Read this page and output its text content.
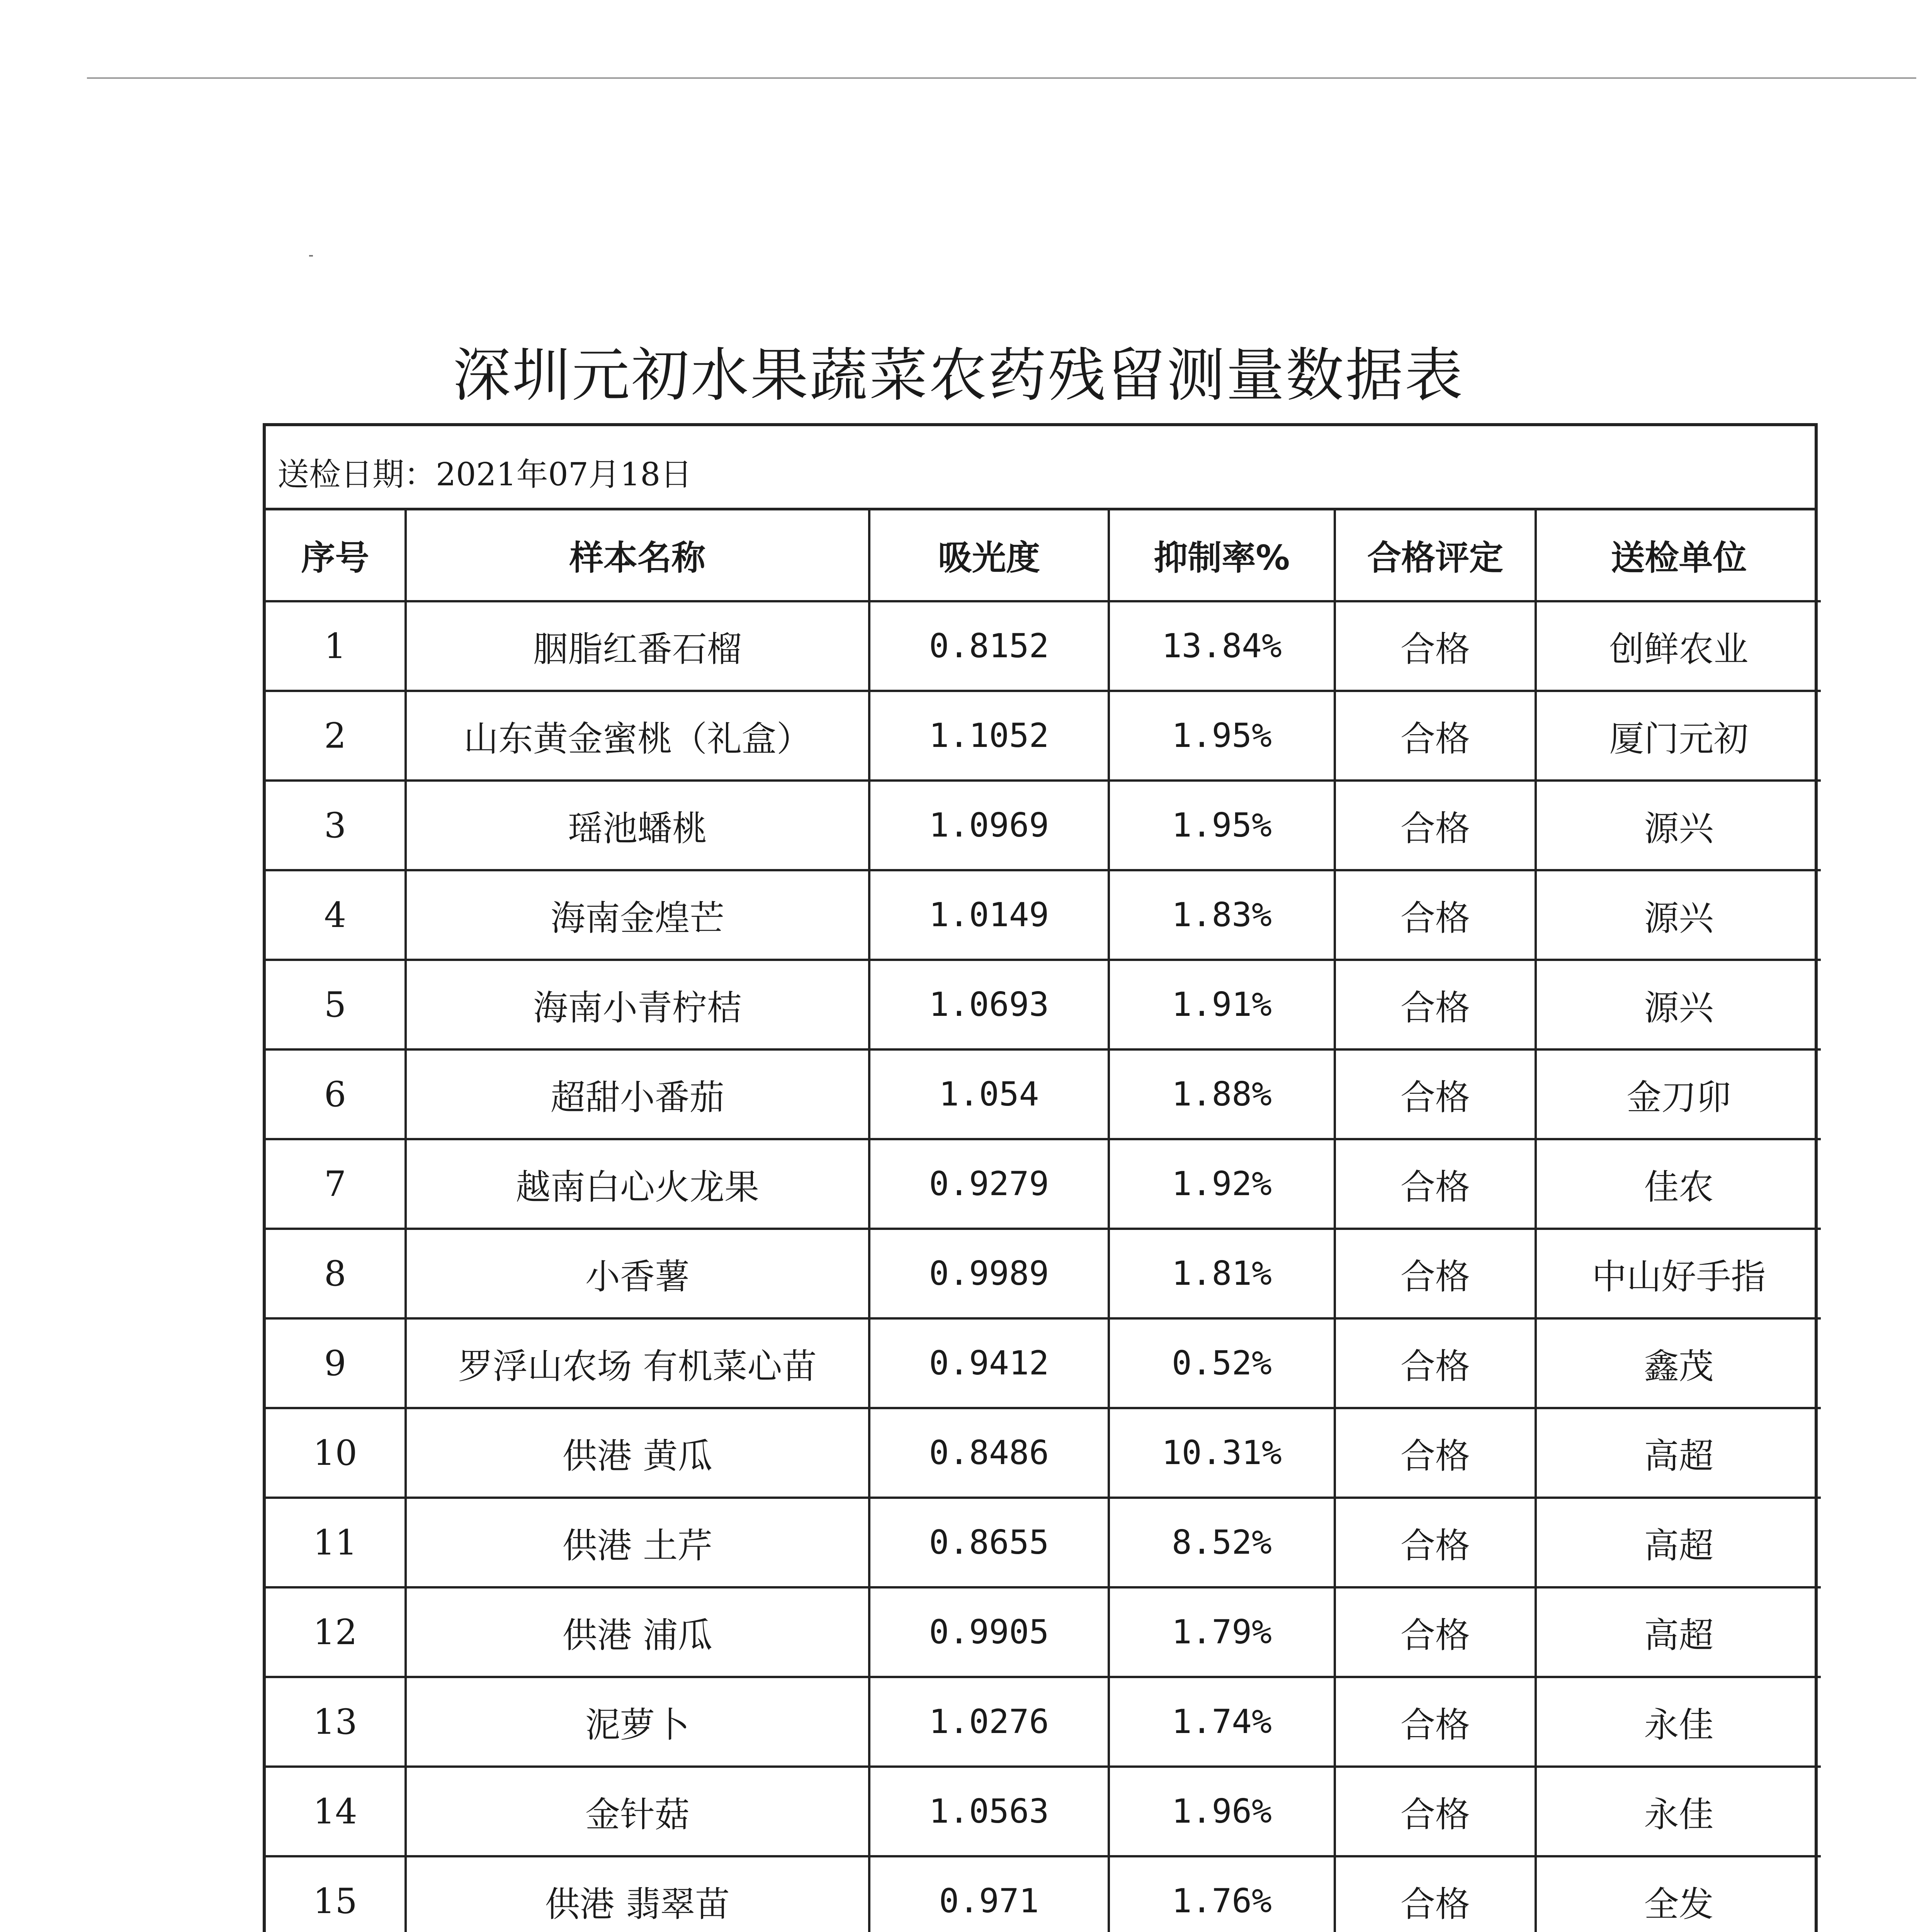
深圳元初水果蔬菜农药残留测量数据表
送检日期：2021年07月18日
序号	样本名称	吸光度	抑制率%	合格评定	送检单位
1	胭脂红番石榴	0.8152	13.84%	合格	创鲜农业
2	山东黄金蜜桃（礼盒）	1.1052	1.95%	合格	厦门元初
3	瑶池蟠桃	1.0969	1.95%	合格	源兴
4	海南金煌芒	1.0149	1.83%	合格	源兴
5	海南小青柠桔	1.0693	1.91%	合格	源兴
6	超甜小番茄	1.054	1.88%	合格	金刀卯
7	越南白心火龙果	0.9279	1.92%	合格	佳农
8	小香薯	0.9989	1.81%	合格	中山好手指
9	罗浮山农场 有机菜心苗	0.9412	0.52%	合格	鑫茂
10	供港 黄瓜	0.8486	10.31%	合格	高超
11	供港 土芹	0.8655	8.52%	合格	高超
12	供港 浦瓜	0.9905	1.79%	合格	高超
13	泥萝卜	1.0276	1.74%	合格	永佳
14	金针菇	1.0563	1.96%	合格	永佳
15	供港 翡翠苗	0.971	1.76%	合格	全发
